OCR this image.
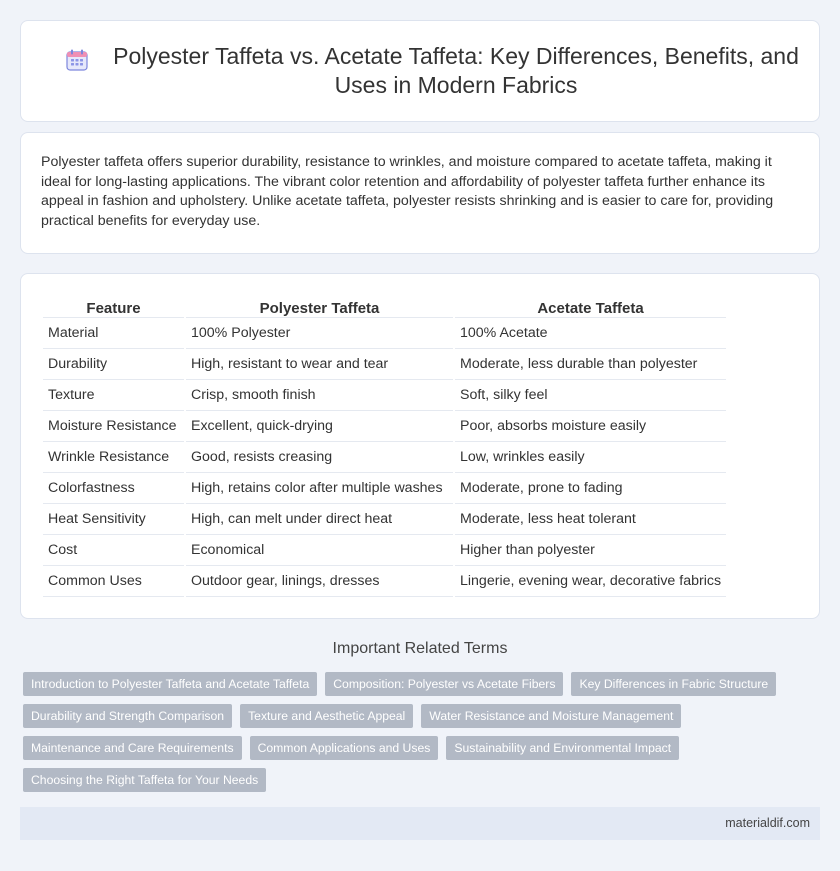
Polyester Taffeta vs. Acetate Taffeta: Key Differences, Benefits, and Uses in Modern Fabrics

Polyester taffeta offers superior durability, resistance to wrinkles, and moisture compared to acetate taffeta, making it ideal for long-lasting applications. The vibrant color retention and affordability of polyester taffeta further enhance its appeal in fashion and upholstery. Unlike acetate taffeta, polyester resists shrinking and is easier to care for, providing practical benefits for everyday use.

Feature	Polyester Taffeta	Acetate Taffeta
Material	100% Polyester	100% Acetate
Durability	High, resistant to wear and tear	Moderate, less durable than polyester
Texture	Crisp, smooth finish	Soft, silky feel
Moisture Resistance	Excellent, quick-drying	Poor, absorbs moisture easily
Wrinkle Resistance	Good, resists creasing	Low, wrinkles easily
Colorfastness	High, retains color after multiple washes	Moderate, prone to fading
Heat Sensitivity	High, can melt under direct heat	Moderate, less heat tolerant
Cost	Economical	Higher than polyester
Common Uses	Outdoor gear, linings, dresses	Lingerie, evening wear, decorative fabrics
Important Related Terms
Introduction to Polyester Taffeta and Acetate Taffeta	Composition: Polyester vs Acetate Fibers	Key Differences in Fabric Structure
Durability and Strength Comparison	Texture and Aesthetic Appeal	Water Resistance and Moisture Management
Maintenance and Care Requirements	Common Applications and Uses	Sustainability and Environmental Impact
Choosing the Right Taffeta for Your Needs
materialdif.com
